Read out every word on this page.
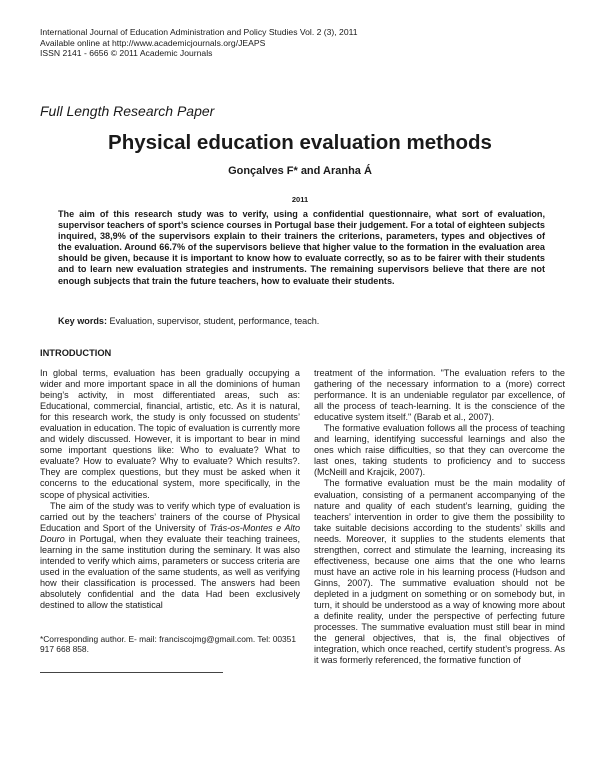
International Journal of Education Administration and Policy Studies Vol. 2 (3), 2011
Available online at http://www.academicjournals.org/JEAPS
ISSN 2141 - 6656 © 2011 Academic Journals
Full Length Research Paper
Physical education evaluation methods
Gonçalves F* and Aranha Á
2011
The aim of this research study was to verify, using a confidential questionnaire, what sort of evaluation, supervisor teachers of sport’s science courses in Portugal base their judgement. For a total of eighteen subjects inquired, 38,9% of the supervisors explain to their trainers the criterions, parameters, types and objectives of the evaluation. Around 66.7% of the supervisors believe that higher value to the formation in the evaluation area should be given, because it is important to know how to evaluate correctly, so as to be fairer with their students and to learn new evaluation strategies and instruments. The remaining supervisors believe that there are not enough subjects that train the future teachers, how to evaluate their students.
Key words: Evaluation, supervisor, student, performance, teach.
INTRODUCTION

In global terms, evaluation has been gradually occupying a wider and more important space in all the dominions of human being’s activity, in most differentiated areas, such as: Educational, commercial, financial, artistic, etc. As it is natural, for this research work, the study is only focussed on students’ evaluation in education. The topic of evaluation is currently more and widely discussed. However, it is important to bear in mind some important questions like: Who to evaluate? What to evaluate? How to evaluate? Why to evaluate? Which results?. They are complex questions, but they must be asked when it concerns to the educational system, more specifically, in the scope of physical activities.

The aim of the study was to verify which type of evaluation is carried out by the teachers’ trainers of the course of Physical Education and Sport of the University of Trás-os-Montes e Alto Douro in Portugal, when they evaluate their teaching trainees, learning in the same institution during the seminary. It was also intended to verify which aims, parameters or success criteria are used in the evaluation of the same students, as well as verifying how their classification is processed. The answers had been absolutely confidential and the data Had been exclusively destined to allow the statistical

*Corresponding author. E- mail: franciscojmg@gmail.com. Tel: 00351 917 668 858.

treatment of the information. "The evaluation refers to the gathering of the necessary information to a (more) correct performance. It is an undeniable regulator par excellence, of all the process of teach-learning. It is the conscience of the educative system itself." (Barab et al., 2007).

The formative evaluation follows all the process of teaching and learning, identifying successful learnings and also the ones which raise difficulties, so that they can overcome the last ones, taking students to proficiency and to success (McNeill and Krajcik, 2007).

The formative evaluation must be the main modality of evaluation, consisting of a permanent accompanying of the nature and quality of each student’s learning, guiding the teachers’ intervention in order to give them the possibility to take suitable decisions according to the students’ skills and needs. Moreover, it supplies to the students elements that strengthen, correct and stimulate the learning, increasing its effectiveness, because one aims that the one who learns must have an active role in his learning process (Hudson and Ginns, 2007). The summative evaluation should not be depleted in a judgment on something or on somebody but, in turn, it should be understood as a way of knowing more about a definite reality, under the perspective of perfecting future processes. The summative evaluation must still bear in mind the general objectives, that is, the final objectives of integration, which once reached, certify student’s progress. As it was formerly referenced, the formative function of
